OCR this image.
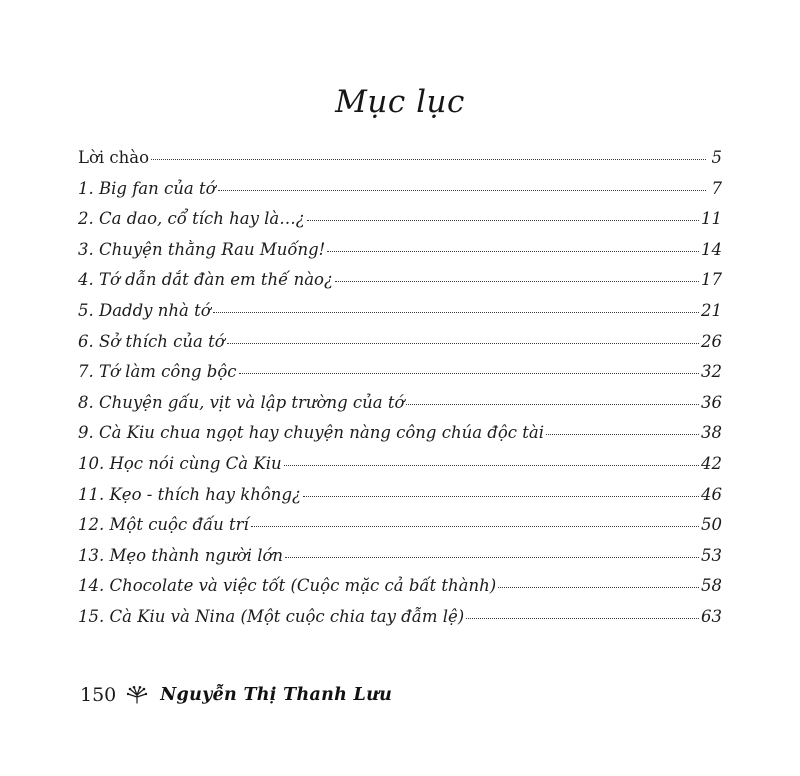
Mục lục
Lời chào	5
1. Big fan của tớ	7
2. Ca dao, cổ tích hay là…¿	11
3. Chuyện thằng Rau Muống!	14
4. Tớ dẫn dắt đàn em thế nào¿	17
5. Daddy nhà tớ	21
6. Sở thích của tớ	26
7. Tớ làm công bộc	32
8. Chuyện gấu, vịt và lập trường của tớ	36
9. Cà Kiu chua ngọt hay chuyện nàng công chúa độc tài	38
10. Học nói cùng Cà Kiu	42
11. Kẹo - thích hay không¿	46
12. Một cuộc đấu trí	50
13. Mẹo thành người lớn	53
14. Chocolate và việc tốt (Cuộc mặc cả bất thành)	58
15. Cà Kiu và Nina (Một cuộc chia tay đẫm lệ)	63
150	Nguyễn Thị Thanh Lưu
